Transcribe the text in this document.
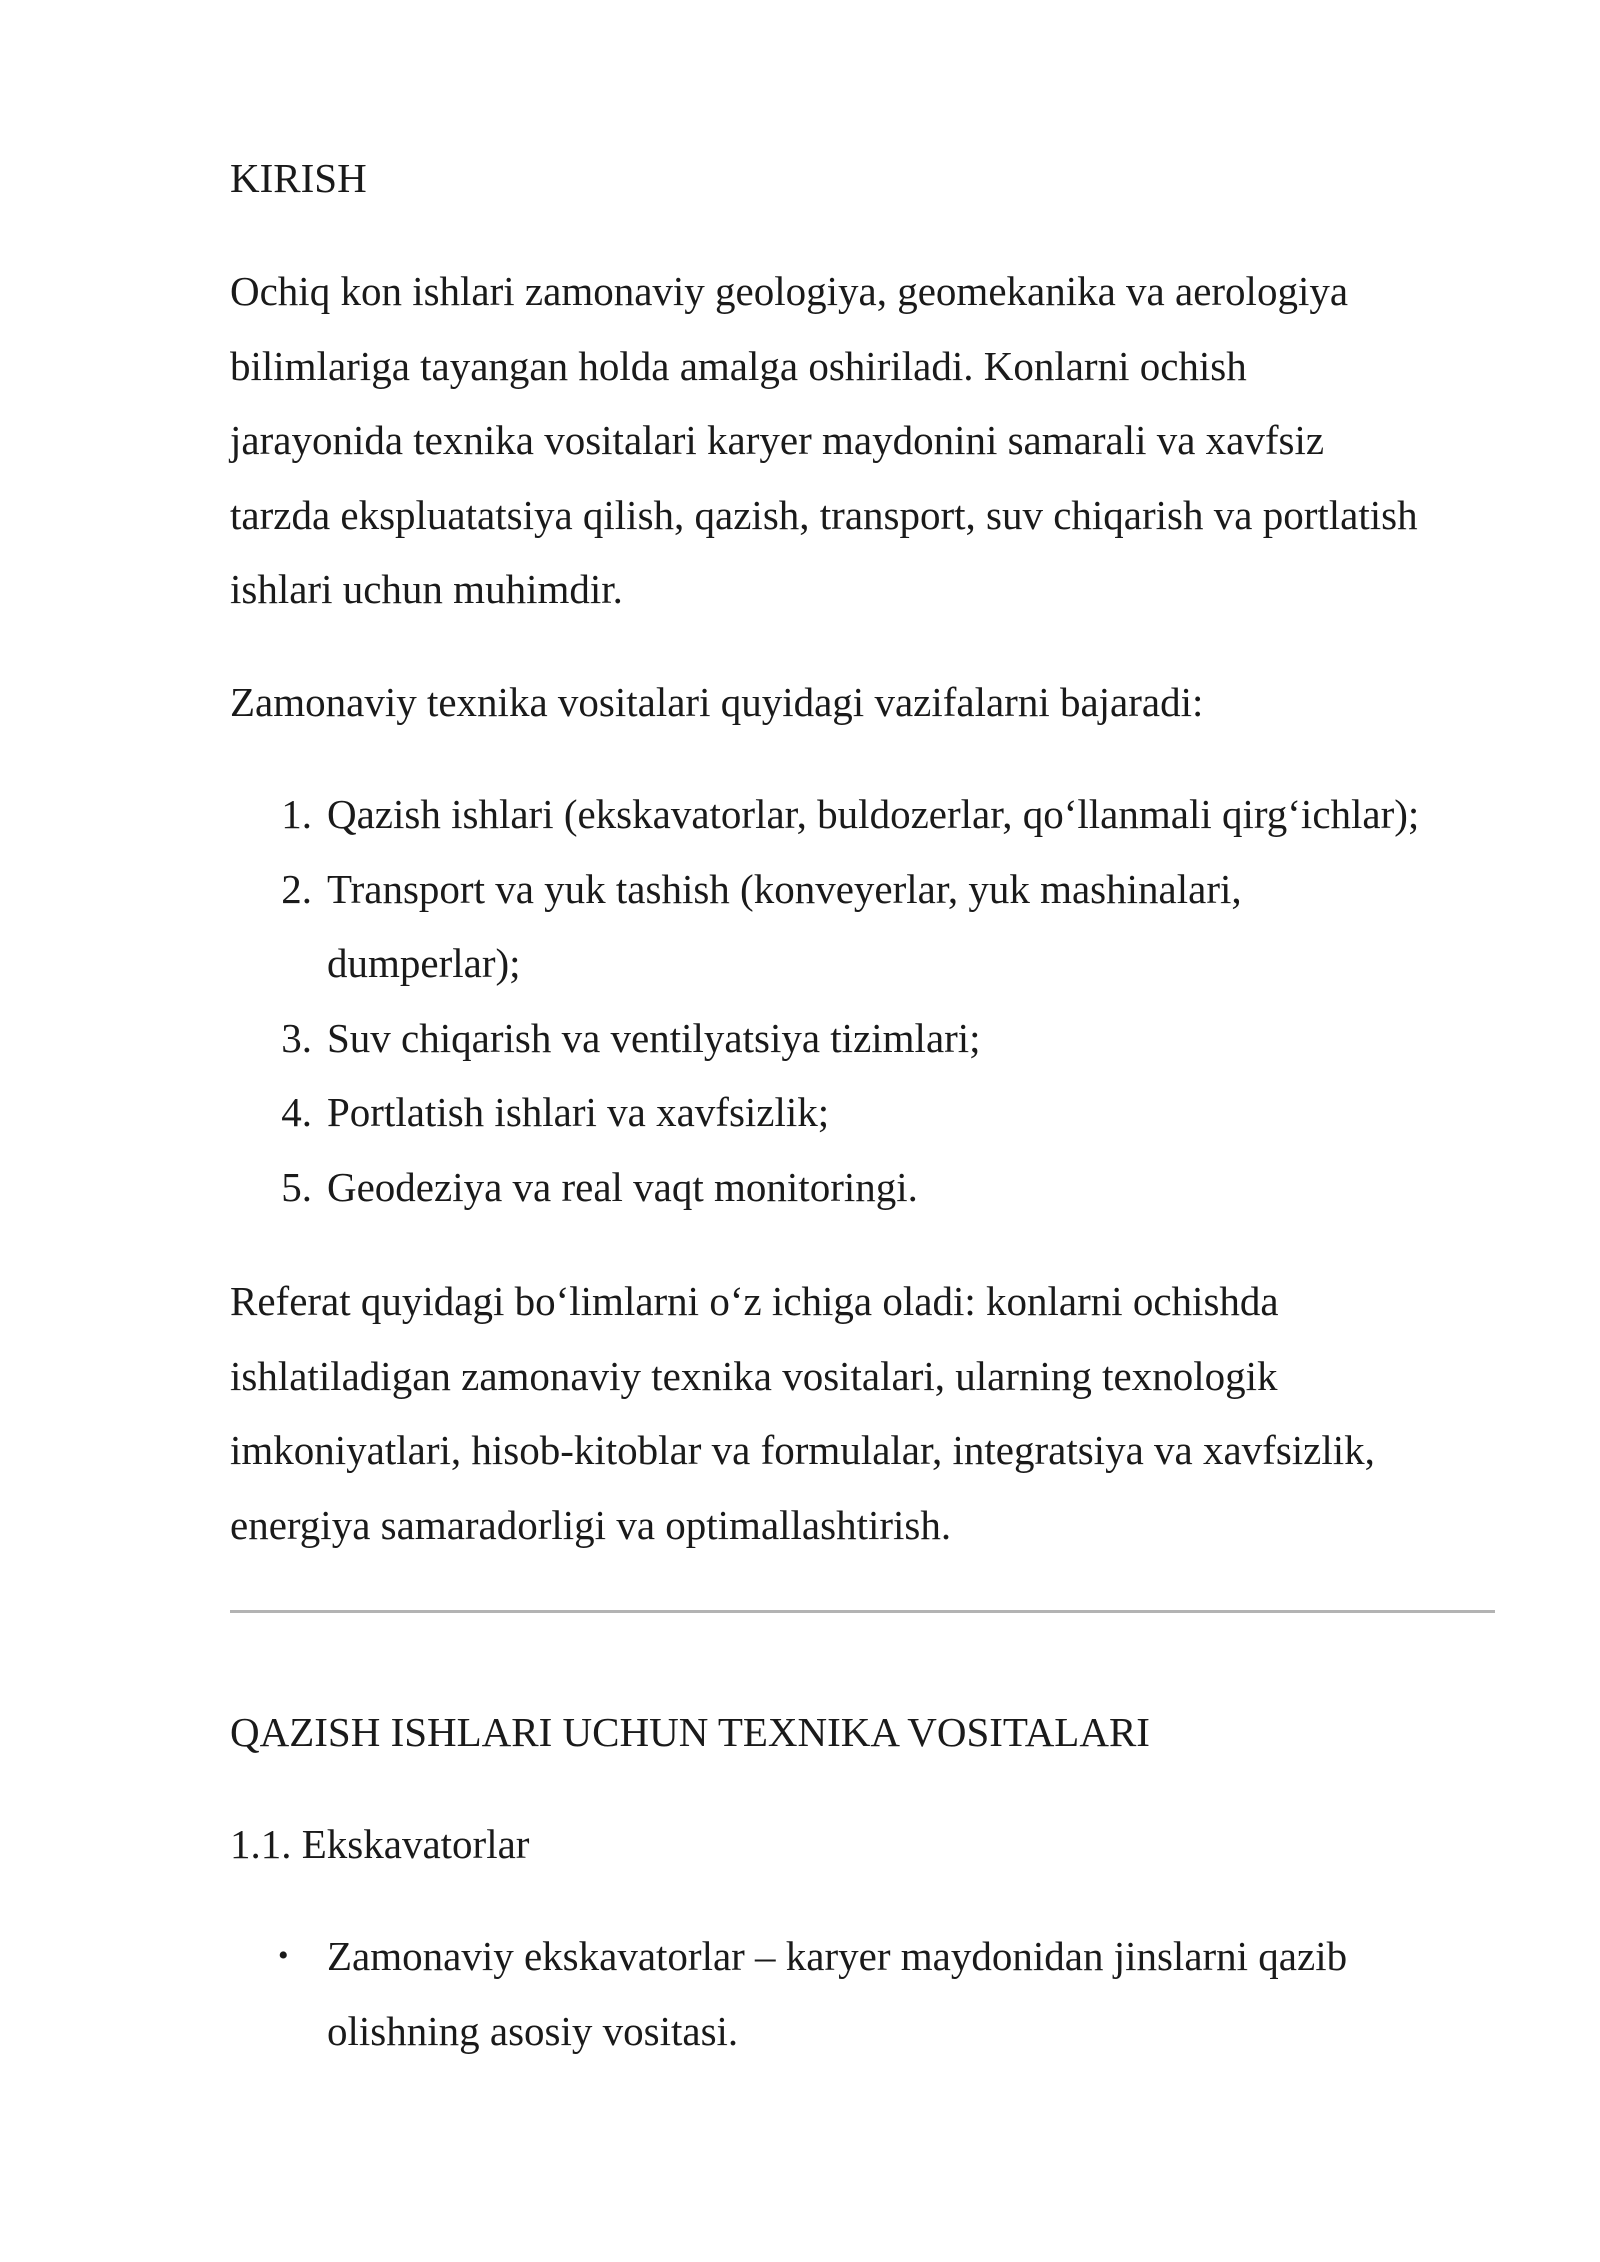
KIRISH

Ochiq kon ishlari zamonaviy geologiya, geomekanika va aerologiya
bilimlariga tayangan holda amalga oshiriladi. Konlarni ochish
jarayonida texnika vositalari karyer maydonini samarali va xavfsiz
tarzda ekspluatatsiya qilish, qazish, transport, suv chiqarish va portlatish
ishlari uchun muhimdir.

Zamonaviy texnika vositalari quyidagi vazifalarni bajaradi:

1. Qazish ishlari (ekskavatorlar, buldozerlar, qo‘llanmali qirg‘ichlar);
2. Transport va yuk tashish (konveyerlar, yuk mashinalari,
dumperlar);
3. Suv chiqarish va ventilyatsiya tizimlari;
4. Portlatish ishlari va xavfsizlik;
5. Geodeziya va real vaqt monitoringi.

Referat quyidagi bo‘limlarni o‘z ichiga oladi: konlarni ochishda
ishlatiladigan zamonaviy texnika vositalari, ularning texnologik
imkoniyatlari, hisob-kitoblar va formulalar, integratsiya va xavfsizlik,
energiya samaradorligi va optimallashtirish.

QAZISH ISHLARI UCHUN TEXNIKA VOSITALARI
1.1. Ekskavatorlar
• Zamonaviy ekskavatorlar – karyer maydonidan jinslarni qazib
olishning asosiy vositasi.
